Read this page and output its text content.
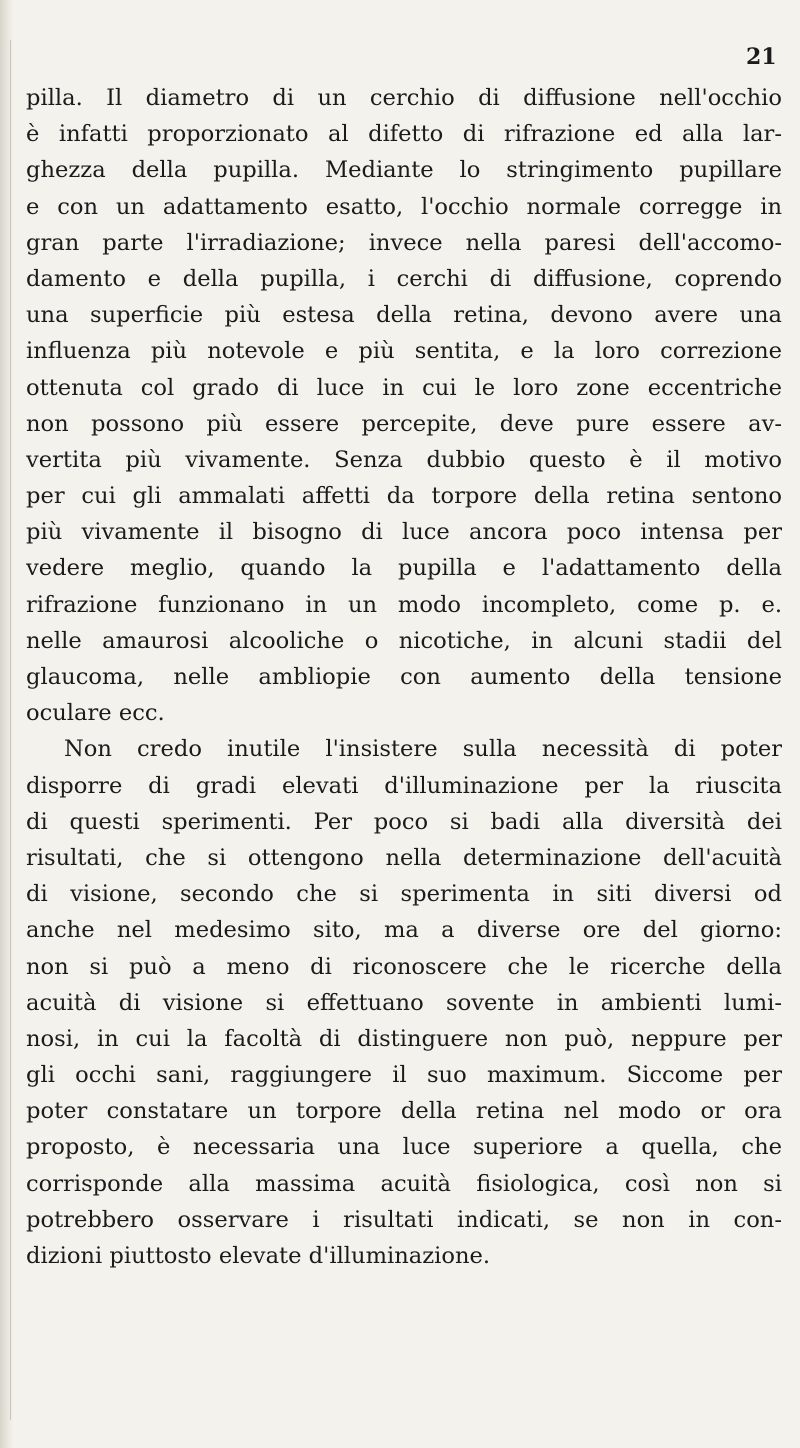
21
pilla. Il diametro di un cerchio di diffusione nell'occhio
è infatti proporzionato al difetto di rifrazione ed alla lar-
ghezza della pupilla. Mediante lo stringimento pupillare
e con un adattamento esatto, l'occhio normale corregge in
gran parte l'irradiazione; invece nella paresi dell'accomo-
damento e della pupilla, i cerchi di diffusione, coprendo
una superficie più estesa della retina, devono avere una
influenza più notevole e più sentita, e la loro correzione
ottenuta col grado di luce in cui le loro zone eccentriche
non possono più essere percepite, deve pure essere av-
vertita più vivamente. Senza dubbio questo è il motivo
per cui gli ammalati affetti da torpore della retina sentono
più vivamente il bisogno di luce ancora poco intensa per
vedere meglio, quando la pupilla e l'adattamento della
rifrazione funzionano in un modo incompleto, come p. e.
nelle amaurosi alcooliche o nicotiche, in alcuni stadii del
glaucoma, nelle ambliopie con aumento della tensione
oculare ecc.
Non credo inutile l'insistere sulla necessità di poter
disporre di gradi elevati d'illuminazione per la riuscita
di questi sperimenti. Per poco si badi alla diversità dei
risultati, che si ottengono nella determinazione dell'acuità
di visione, secondo che si sperimenta in siti diversi od
anche nel medesimo sito, ma a diverse ore del giorno:
non si può a meno di riconoscere che le ricerche della
acuità di visione si effettuano sovente in ambienti lumi-
nosi, in cui la facoltà di distinguere non può, neppure per
gli occhi sani, raggiungere il suo maximum. Siccome per
poter constatare un torpore della retina nel modo or ora
proposto, è necessaria una luce superiore a quella, che
corrisponde alla massima acuità fisiologica, così non si
potrebbero osservare i risultati indicati, se non in con-
dizioni piuttosto elevate d'illuminazione.
